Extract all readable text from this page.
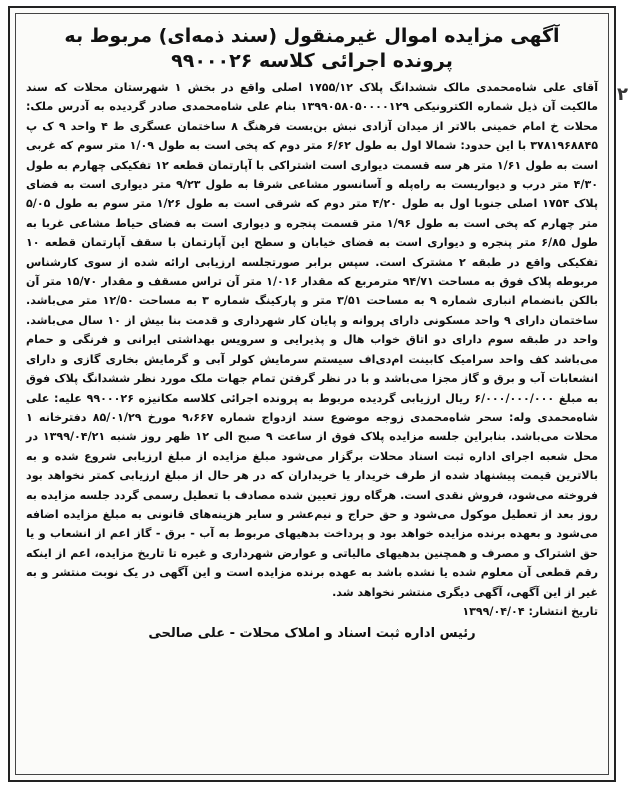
آگهی مزایده اموال غیرمنقول (سند ذمه‌ای) مربوط به
پرونده اجرائی کلاسه ۹۹۰۰۰۲۶

آقای علی شاه‌محمدی مالک ششدانگ پلاک ۱۷۵۵/۱۲ اصلی واقع در بخش ۱ شهرستان محلات که سند مالکیت آن ذیل شماره الکترونیکی ۱۳۹۹۰۵۸۰۵۰۰۰۰۱۲۹ بنام علی شاه‌محمدی صادر گردیده به آدرس ملک: محلات خ امام خمینی بالاتر از میدان آزادی نبش بن‌بست فرهنگ ۸ ساختمان عسگری ط ۴ واحد ۹ ک پ ۳۷۸۱۹۶۸۸۴۵ با این حدود: شمالا اول به طول ۶/۶۲ متر دوم که پخی است به طول ۱/۰۹ متر سوم که غربی است به طول ۱/۶۱ متر هر سه قسمت دیواری است اشتراکی با آپارتمان قطعه ۱۲ تفکیکی چهارم به طول ۴/۳۰ متر درب و دیواریست به راه‌پله و آسانسور مشاعی شرقا به طول ۹/۲۳ متر دیواری است به فضای پلاک ۱۷۵۴ اصلی جنوبا اول به طول ۴/۲۰ متر دوم که شرقی است به طول ۱/۲۶ متر سوم به طول ۵/۰۵ متر چهارم که پخی است به طول ۱/۹۶ متر قسمت پنجره و دیواری است به فضای حیاط مشاعی غربا به طول ۶/۸۵ متر پنجره و دیواری است به فضای خیابان و سطح این آپارتمان با سقف آپارتمان قطعه ۱۰ تفکیکی واقع در طبقه ۲ مشترک است. سپس برابر صورتجلسه ارزیابی ارائه شده از سوی کارشناس مربوطه پلاک فوق به مساحت ۹۴/۷۱ مترمربع که مقدار ۱/۰۱۶ متر آن تراس مسقف و مقدار ۱۵/۷۰ متر آن بالکن بانضمام انباری شماره ۹ به مساحت ۳/۵۱ متر و پارکینگ شماره ۳ به مساحت ۱۲/۵۰ متر می‌باشد. ساختمان دارای ۹ واحد مسکونی دارای پروانه و پایان کار شهرداری و قدمت بنا بیش از ۱۰ سال می‌باشد. واحد در طبقه سوم دارای دو اتاق خواب هال و پذیرایی و سرویس بهداشتی ایرانی و فرنگی و حمام می‌باشد کف واحد سرامیک کابینت ام‌دی‌اف سیستم سرمایش کولر آبی و گرمایش بخاری گازی و دارای انشعابات آب و برق و گاز مجزا می‌باشد و با در نظر گرفتن تمام جهات ملک مورد نظر ششدانگ پلاک فوق به مبلغ ۶/۰۰۰/۰۰۰/۰۰۰ ریال ارزیابی گردیده مربوط به پرونده اجرائی کلاسه مکانیزه ۹۹۰۰۰۲۶ علیه: علی شاه‌محمدی وله: سحر شاه‌محمدی زوجه موضوع سند ازدواج شماره ۹،۶۶۷ مورخ ۸۵/۰۱/۲۹ دفترخانه ۱ محلات می‌باشد. بنابراین جلسه مزایده پلاک فوق از ساعت ۹ صبح الی ۱۲ ظهر روز شنبه ۱۳۹۹/۰۴/۲۱ در محل شعبه اجرای اداره ثبت اسناد محلات برگزار می‌شود مبلغ مزایده از مبلغ ارزیابی شروع شده و به بالاترین قیمت پیشنهاد شده از طرف خریدار یا خریداران که در هر حال از مبلغ ارزیابی کمتر نخواهد بود فروخته می‌شود، فروش نقدی است. هرگاه روز تعیین شده مصادف با تعطیل رسمی گردد جلسه مزایده به روز بعد از تعطیل موکول می‌شود و حق حراج و نیم‌عشر و سایر هزینه‌های قانونی به مبلغ مزایده اضافه می‌شود و بعهده برنده مزایده خواهد بود و پرداخت بدهیهای مربوط به آب - برق - گاز اعم از انشعاب و یا حق اشتراک و مصرف و همچنین بدهیهای مالیاتی و عوارض شهرداری و غیره تا تاریخ مزایده، اعم از اینکه رقم قطعی آن معلوم شده یا نشده باشد به عهده برنده مزایده است و این آگهی در یک نوبت منتشر و به غیر از این آگهی، آگهی دیگری منتشر نخواهد شد.

تاریخ انتشار: ۱۳۹۹/۰۴/۰۴
رئیس اداره ثبت اسناد و املاک محلات - علی صالحی
۲
